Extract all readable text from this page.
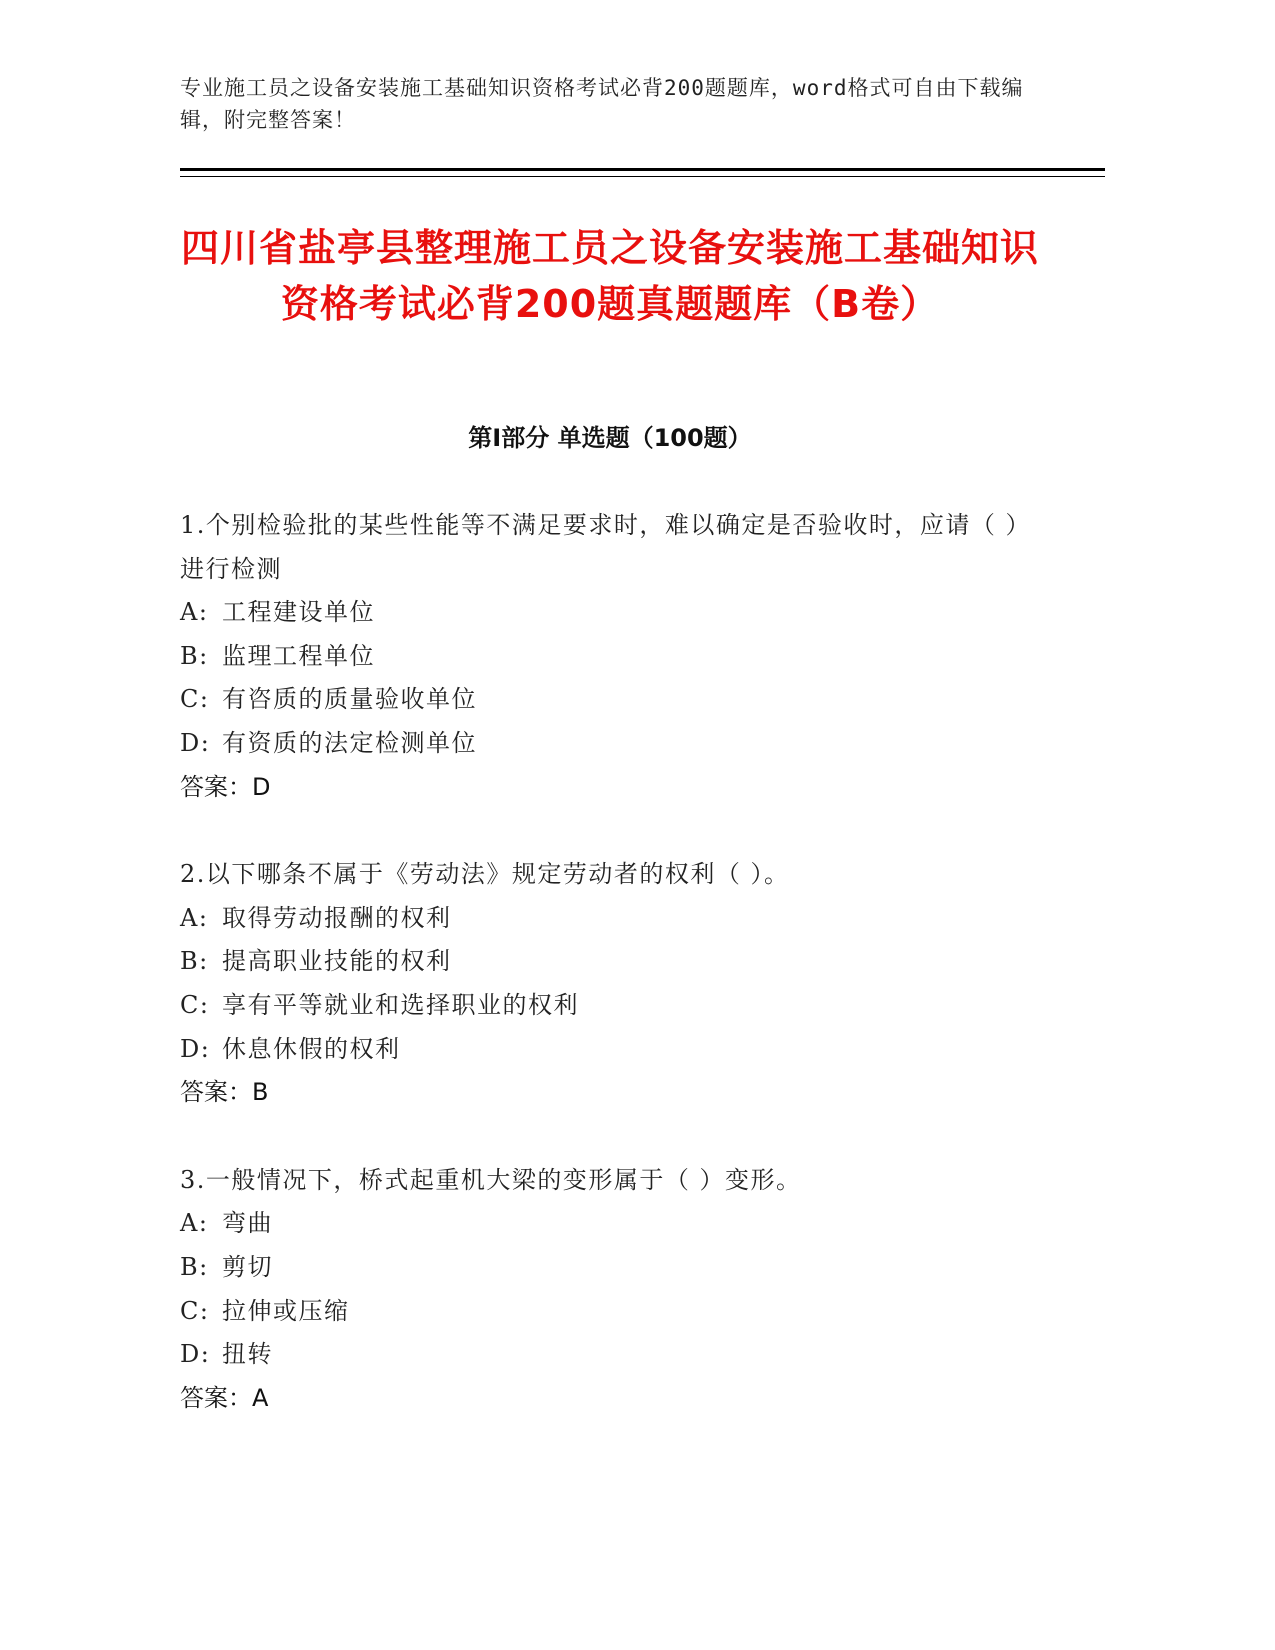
专业施工员之设备安装施工基础知识资格考试必背200题题库，word格式可自由下载编辑，附完整答案！
四川省盐亭县整理施工员之设备安装施工基础知识资格考试必背200题真题题库（B卷）
第Ⅰ部分 单选题（100题）
1.个别检验批的某些性能等不满足要求时，难以确定是否验收时，应请（ ）进行检测
A: 工程建设单位
B: 监理工程单位
C: 有咨质的质量验收单位
D: 有资质的法定检测单位
答案：D
2.以下哪条不属于《劳动法》规定劳动者的权利（ ）。
A: 取得劳动报酬的权利
B: 提高职业技能的权利
C: 享有平等就业和选择职业的权利
D: 休息休假的权利
答案：B
3.一般情况下，桥式起重机大梁的变形属于（ ）变形。
A: 弯曲
B: 剪切
C: 拉伸或压缩
D: 扭转
答案：A
